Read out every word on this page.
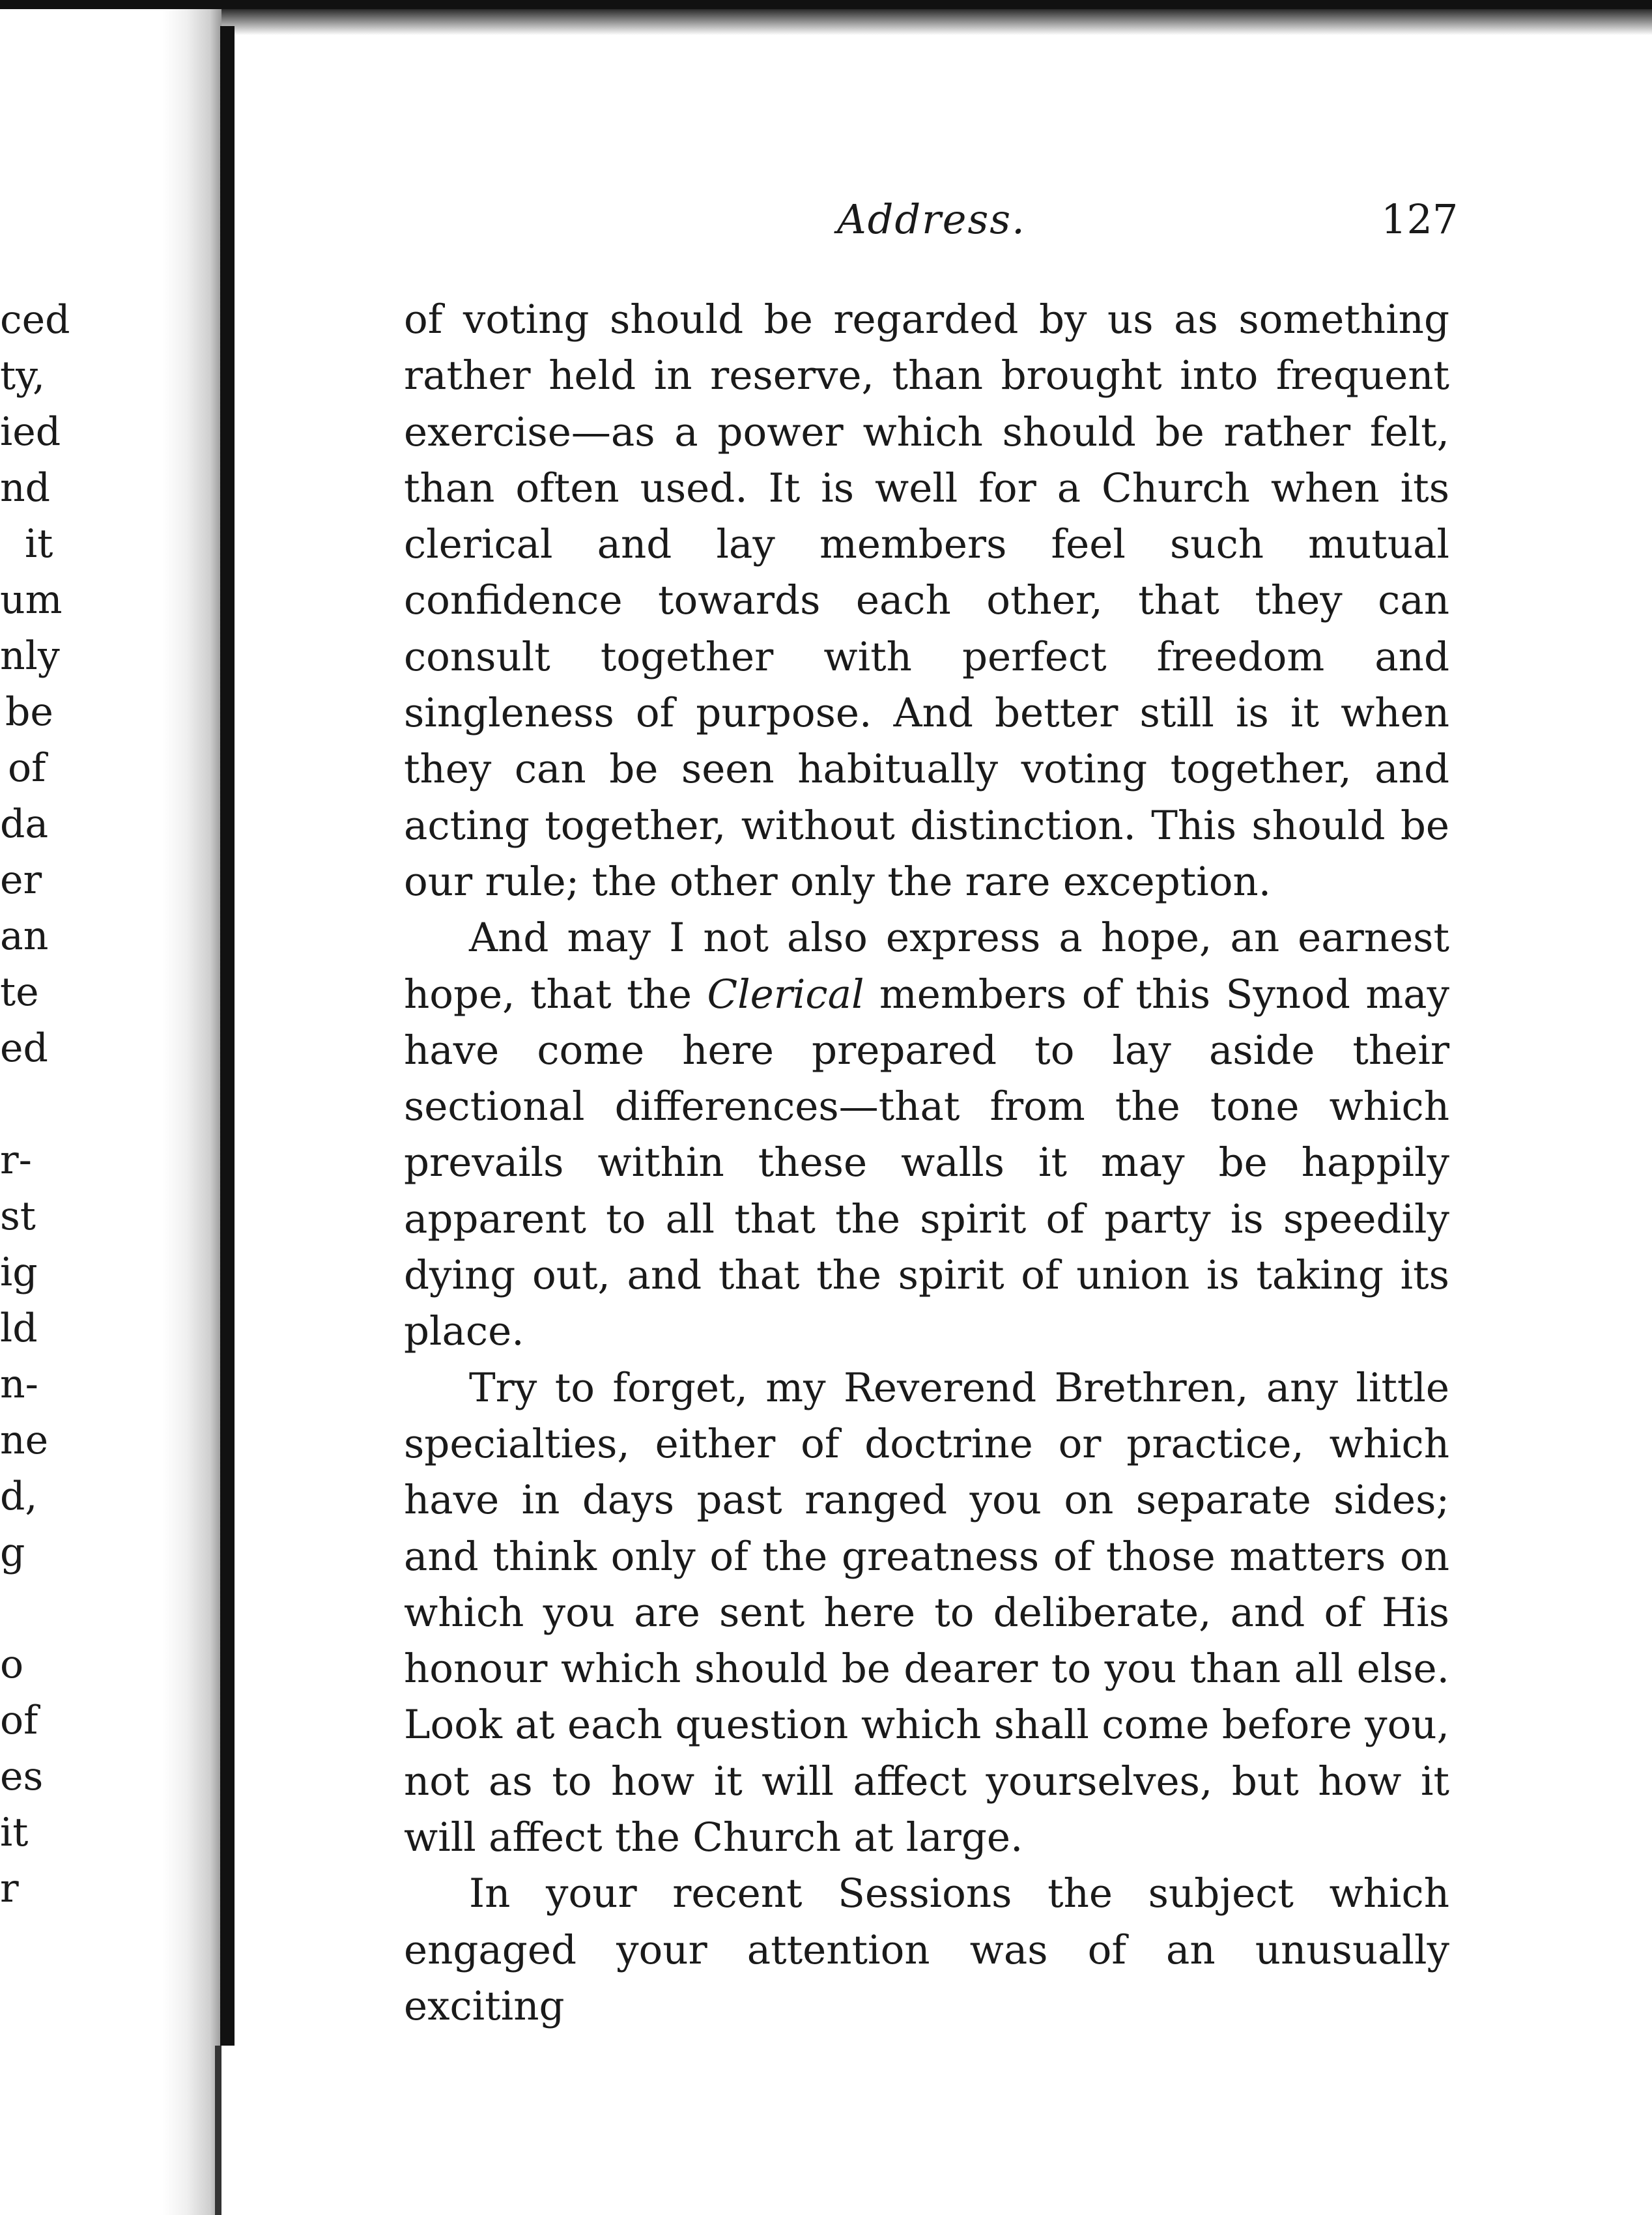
ced
ty,
ied
nd
it
um
nly
be
of
da
er
an
te
ed
r-
st
ig
ld
n-
ne
d,
g
o
of
es
it
r
Address.	127

of voting should be regarded by us as something rather held in reserve, than brought into frequent exercise—as a power which should be rather felt, than often used. It is well for a Church when its clerical and lay members feel such mutual confidence towards each other, that they can consult together with perfect freedom and singleness of purpose. And better still is it when they can be seen habitually voting together, and acting together, without distinction. This should be our rule; the other only the rare exception.

And may I not also express a hope, an earnest hope, that the Clerical members of this Synod may have come here prepared to lay aside their sectional differences—that from the tone which prevails within these walls it may be happily apparent to all that the spirit of party is speedily dying out, and that the spirit of union is taking its place.

Try to forget, my Reverend Brethren, any little specialties, either of doctrine or practice, which have in days past ranged you on separate sides; and think only of the greatness of those matters on which you are sent here to deliberate, and of His honour which should be dearer to you than all else. Look at each question which shall come before you, not as to how it will affect yourselves, but how it will affect the Church at large.

In your recent Sessions the subject which engaged your attention was of an unusually exciting
